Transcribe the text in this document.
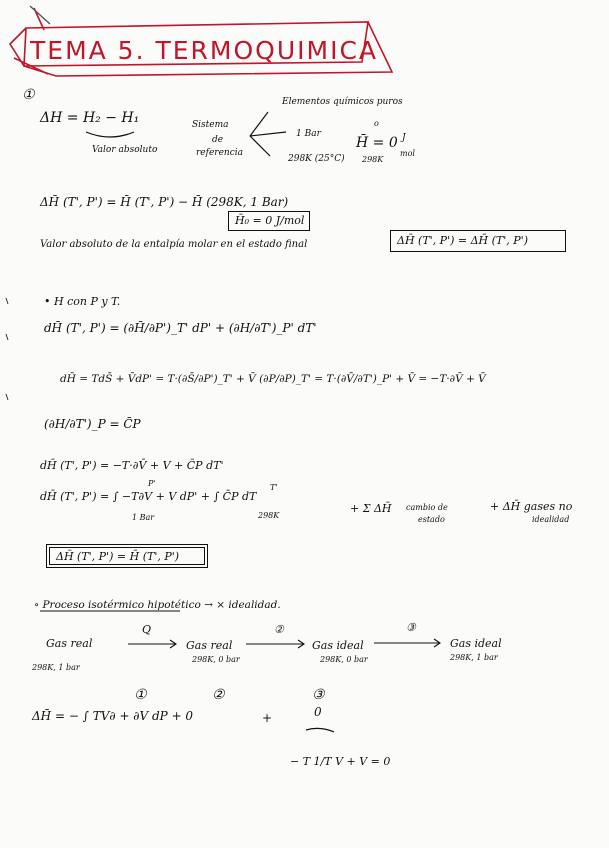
TEMA 5. TERMOQUIMICA
①
ΔH = H₂ − H₁
Valor absoluto
Sistema
de
referencia
Elementos químicos puros
1 Bar
298K (25°C)
o
H̄ = 0
298K
J
mol
ΔH̄ (T', P') = H̄ (T', P') − H̄ (298K, 1 Bar)
H̄₀ = 0 J/mol
Valor absoluto de la entalpía molar en el estado final	ΔH̄ (T', P') = ΔH̄ (T', P')
• H con P y T.
dH̄ (T', P') = (∂H̄/∂P')_T' dP' + (∂H/∂T')_P' dT'
dH̄ = TdS̄ + V̄dP' = T·(∂S̄/∂P')_T' + V̄ (∂P/∂P)_T' = T·(∂V̄/∂T')_P' + V̄ = −T·∂V̄ + V̄
(∂H/∂T')_P = C̄P
dH̄ (T', P') = −T·∂V̄ + V + C̄P dT'
dH̄ (T', P') = ∫ −T∂V + V dP' + ∫ C̄P dT
P'
1 Bar
T'
298K
+ Σ ΔH̄ cambio de
estado
+ ΔH̄ gases no
idealidad
ΔH̄ (T', P') = H̄ (T', P')
∘ Proceso isotérmico hipotético → × idealidad.
Gas real
298K, 1 bar
Q
Gas real
298K, 0 bar
②
Gas ideal
298K, 0 bar
③
Gas ideal
298K, 1 bar
①	②	③
ΔH̄ = − ∫ TV∂ + ∂V dP + 0	+	0
− T 1/T V + V = 0
